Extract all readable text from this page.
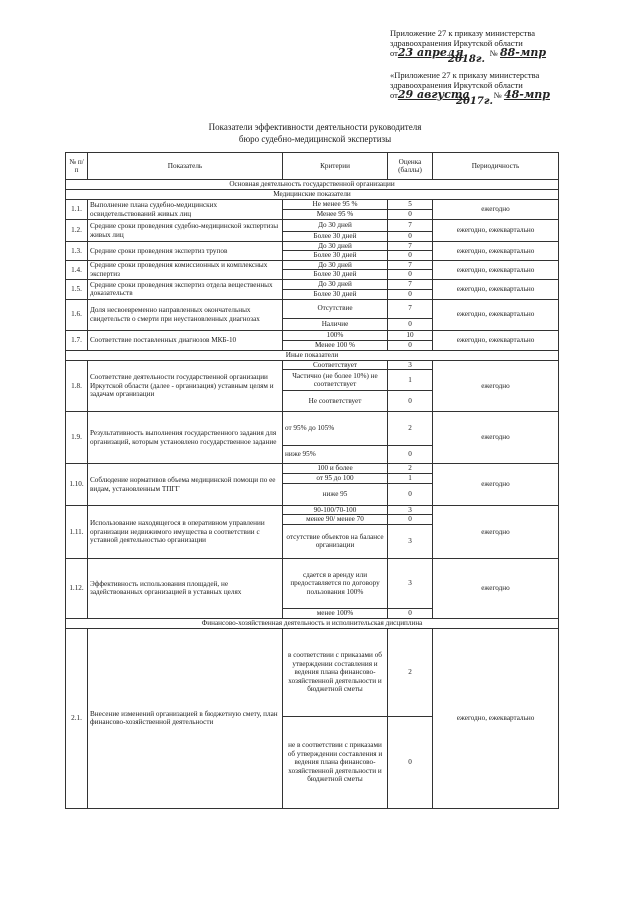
Приложение 27 к приказу министерства
здравоохранения Иркутской области
от23 апреля	№ 88-мпр
2018г.
«Приложение 27 к приказу министерства
здравоохранения Иркутской области
от29 августа	№ 48-мпр
2017г.
Показатели эффективности деятельности руководителя
бюро судебно-медицинской экспертизы
№ п/п	Показатель	Критерии	Оценка (баллы)	Периодичность
Основная деятельность государственной организации				
Медицинские показатели				
1.1.	Выполнение плана судебно-медицинских освидетельствований живых лиц	Не менее 95 %	5	ежегодно
		Менее 95 %	0	
1.2.	Средние сроки проведения судебно-медицинской экспертизы живых лиц	До 30 дней	7	ежегодно, ежеквартально
		Более 30 дней	0	
1.3.	Средние сроки проведения экспертиз трупов	До 30 дней	7	ежегодно, ежеквартально
		Более 30 дней	0	
1.4.	Средние сроки проведения комиссионных и комплексных экспертиз	До 30 дней	7	ежегодно, ежеквартально
		Более 30 дней	0	
1.5.	Средние сроки проведения экспертиз отдела вещественных доказательств	До 30 дней	7	ежегодно, ежеквартально
		Более 30 дней	0	
1.6.	Доля несвоевременно направленных окончательных свидетельств о смерти при неустановленных диагнозах	Отсутствие	7	ежегодно, ежеквартально
		Наличие	0	
1.7.	Соответствие поставленных диагнозов МКБ-10	100%	10	ежегодно, ежеквартально
		Менее 100 %	0	
Иные показатели				
1.8.	Соответствие деятельности государственной организации Иркутской области (далее - организация) уставным целям и задачам организации	Соответствует	3	ежегодно
		Частично (не более 10%) не соответствует	1	
		Не соответствует	0	
1.9.	Результативность выполнения государственного задания для организаций, которым установлено государственное задание	от 95% до 105%	2	ежегодно
		ниже 95%	0	
1.10.	Соблюдение нормативов объема медицинской помощи по ее видам, установленным ТПГГ	100 и более	2	ежегодно
		от 95 до 100	1	
		ниже 95	0	
1.11.	Использование находящегося в оперативном управлении организации недвижимого имущества в соответствии с уставной деятельностью организации	90-100/70-100	3	ежегодно
		менее 90/ менее 70	0	
		отсутствие объектов на балансе организации	3	
1.12.	Эффективность использования площадей, не задействованных организацией в уставных целях	сдается в аренду или предоставляется по договору пользования 100%	3	ежегодно
		менее 100%	0	
Финансово-хозяйственная деятельность и исполнительская дисциплина				
2.1.	Внесение изменений организацией в бюджетную смету, план финансово-хозяйственной деятельности	в соответствии с приказами об утверждении составления и ведения плана финансово-хозяйственной деятельности и бюджетной сметы	2	ежегодно, ежеквартально
		не в соответствии с приказами об утверждении составления и ведения плана финансово- хозяйственной деятельности и бюджетной сметы	0	
